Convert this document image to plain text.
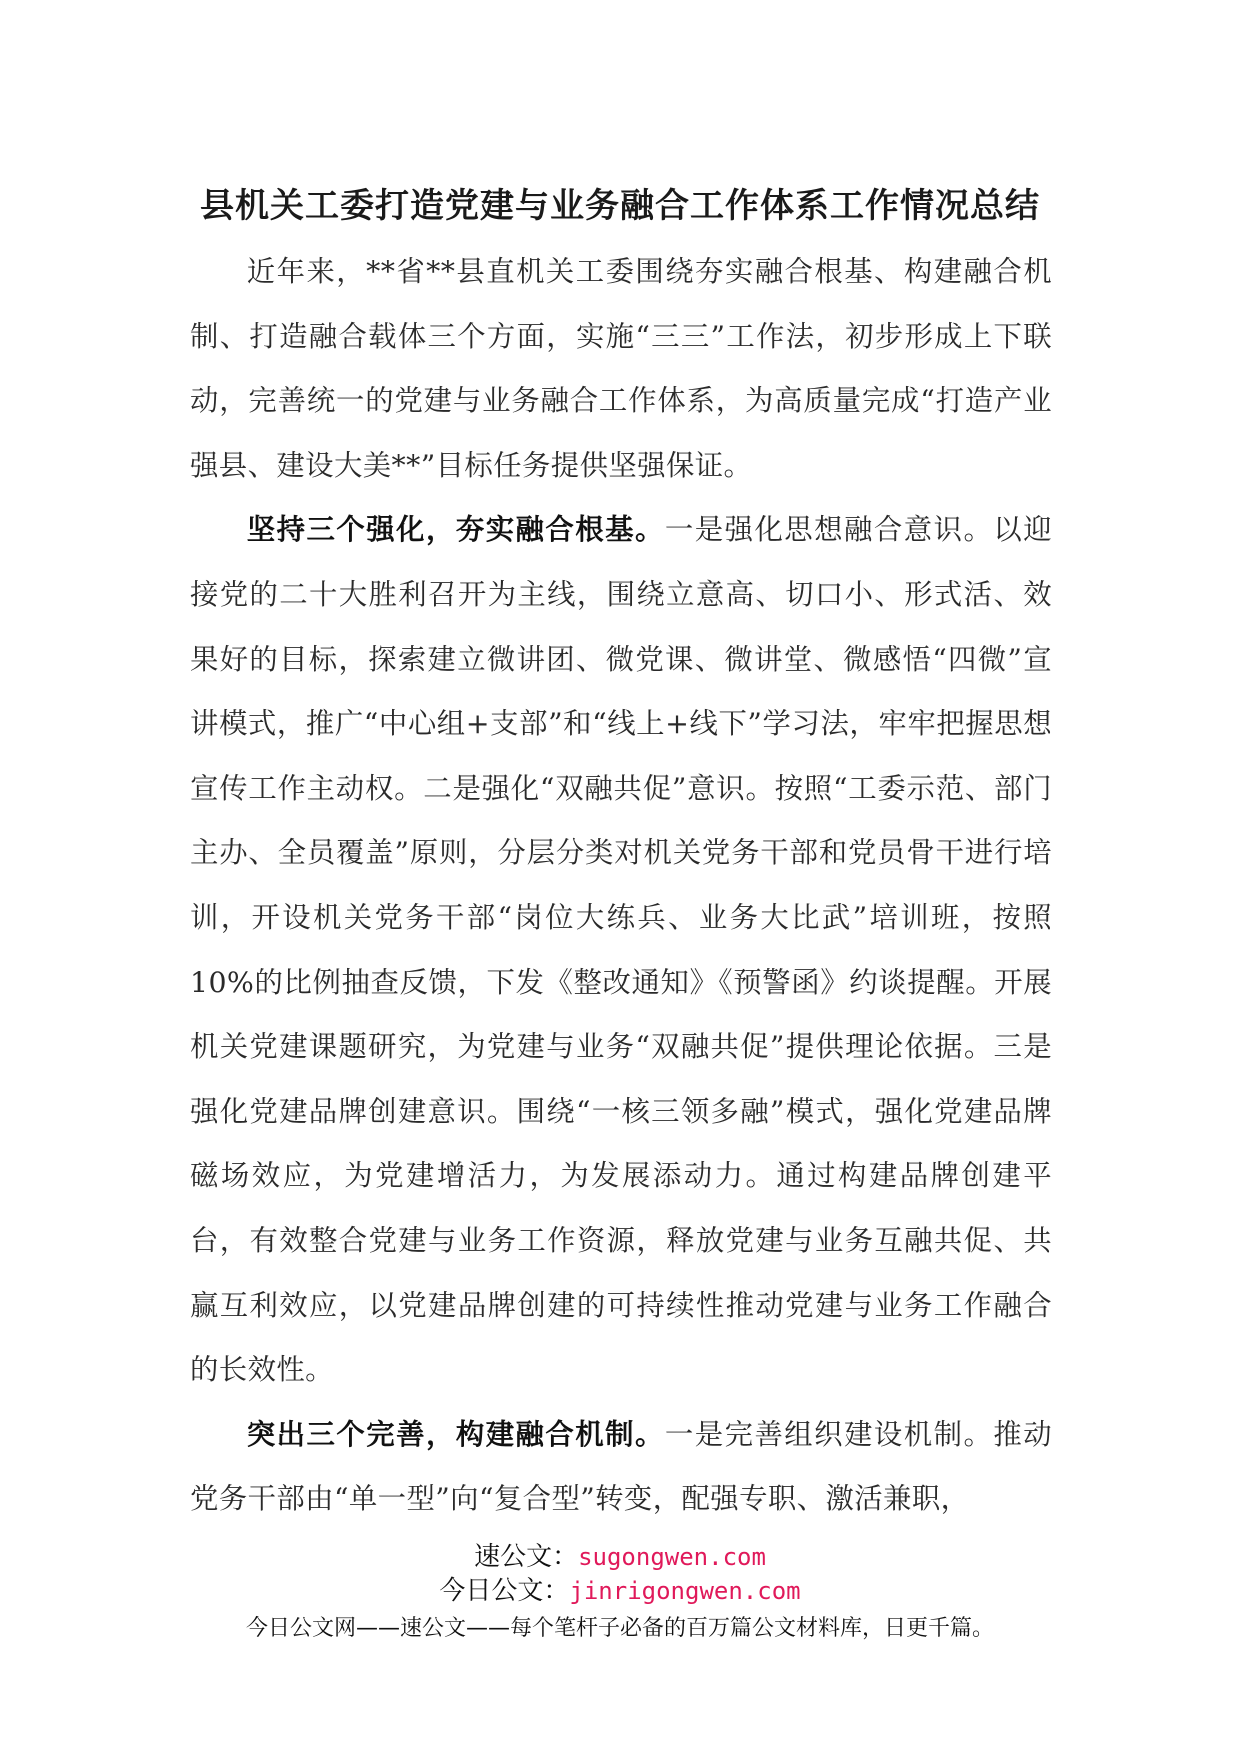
县机关工委打造党建与业务融合工作体系工作情况总结

近年来，**省**县直机关工委围绕夯实融合根基、构建融合机制、打造融合载体三个方面，实施“三三”工作法，初步形成上下联动，完善统一的党建与业务融合工作体系，为高质量完成“打造产业强县、建设大美**”目标任务提供坚强保证。

坚持三个强化，夯实融合根基。一是强化思想融合意识。以迎接党的二十大胜利召开为主线，围绕立意高、切口小、形式活、效果好的目标，探索建立微讲团、微党课、微讲堂、微感悟“四微”宣讲模式，推广“中心组+支部”和“线上+线下”学习法，牢牢把握思想宣传工作主动权。二是强化“双融共促”意识。按照“工委示范、部门主办、全员覆盖”原则，分层分类对机关党务干部和党员骨干进行培训，开设机关党务干部“岗位大练兵、业务大比武”培训班，按照10%的比例抽查反馈，下发《整改通知》《预警函》约谈提醒。开展机关党建课题研究，为党建与业务“双融共促”提供理论依据。三是强化党建品牌创建意识。围绕“一核三领多融”模式，强化党建品牌磁场效应，为党建增活力，为发展添动力。通过构建品牌创建平台，有效整合党建与业务工作资源，释放党建与业务互融共促、共赢互利效应，以党建品牌创建的可持续性推动党建与业务工作融合的长效性。

突出三个完善，构建融合机制。一是完善组织建设机制。推动党务干部由“单一型”向“复合型”转变，配强专职、激活兼职，

速公文：sugongwen.com
今日公文：jinrigongwen.com
今日公文网——速公文——每个笔杆子必备的百万篇公文材料库，日更千篇。
